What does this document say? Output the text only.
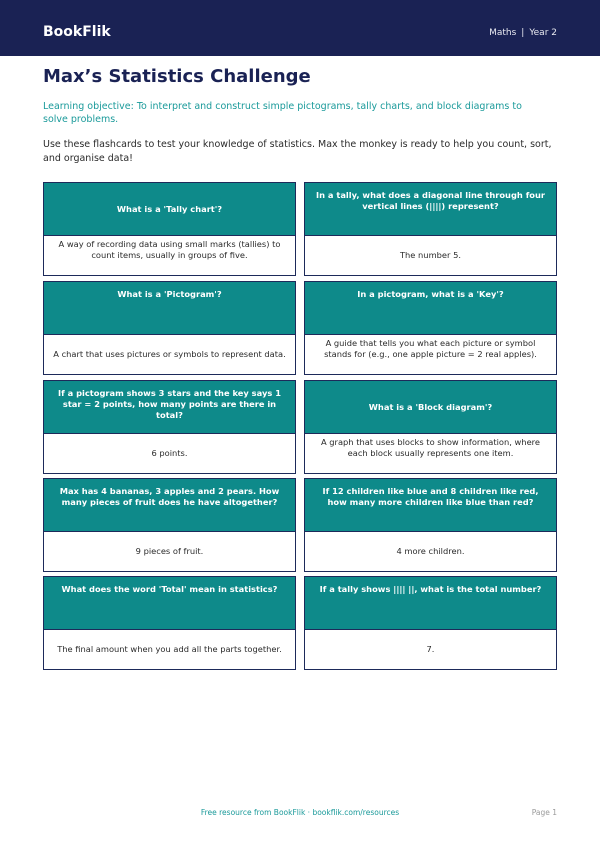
BookFlik	Maths | Year 2
Max’s Statistics Challenge
Learning objective: To interpret and construct simple pictograms, tally charts, and block diagrams to solve problems.
Use these flashcards to test your knowledge of statistics. Max the monkey is ready to help you count, sort, and organise data!
What is a 'Tally chart'?
A way of recording data using small marks (tallies) to count items, usually in groups of five.
In a tally, what does a diagonal line through four vertical lines (||||) represent?
The number 5.
What is a 'Pictogram'?
A chart that uses pictures or symbols to represent data.
In a pictogram, what is a 'Key'?
A guide that tells you what each picture or symbol stands for (e.g., one apple picture = 2 real apples).
If a pictogram shows 3 stars and the key says 1 star = 2 points, how many points are there in total?
6 points.
What is a 'Block diagram'?
A graph that uses blocks to show information, where each block usually represents one item.
Max has 4 bananas, 3 apples and 2 pears. How many pieces of fruit does he have altogether?
9 pieces of fruit.
If 12 children like blue and 8 children like red, how many more children like blue than red?
4 more children.
What does the word 'Total' mean in statistics?
The final amount when you add all the parts together.
If a tally shows |||| ||, what is the total number?
7.
Free resource from BookFlik · bookflik.com/resources	Page 1
